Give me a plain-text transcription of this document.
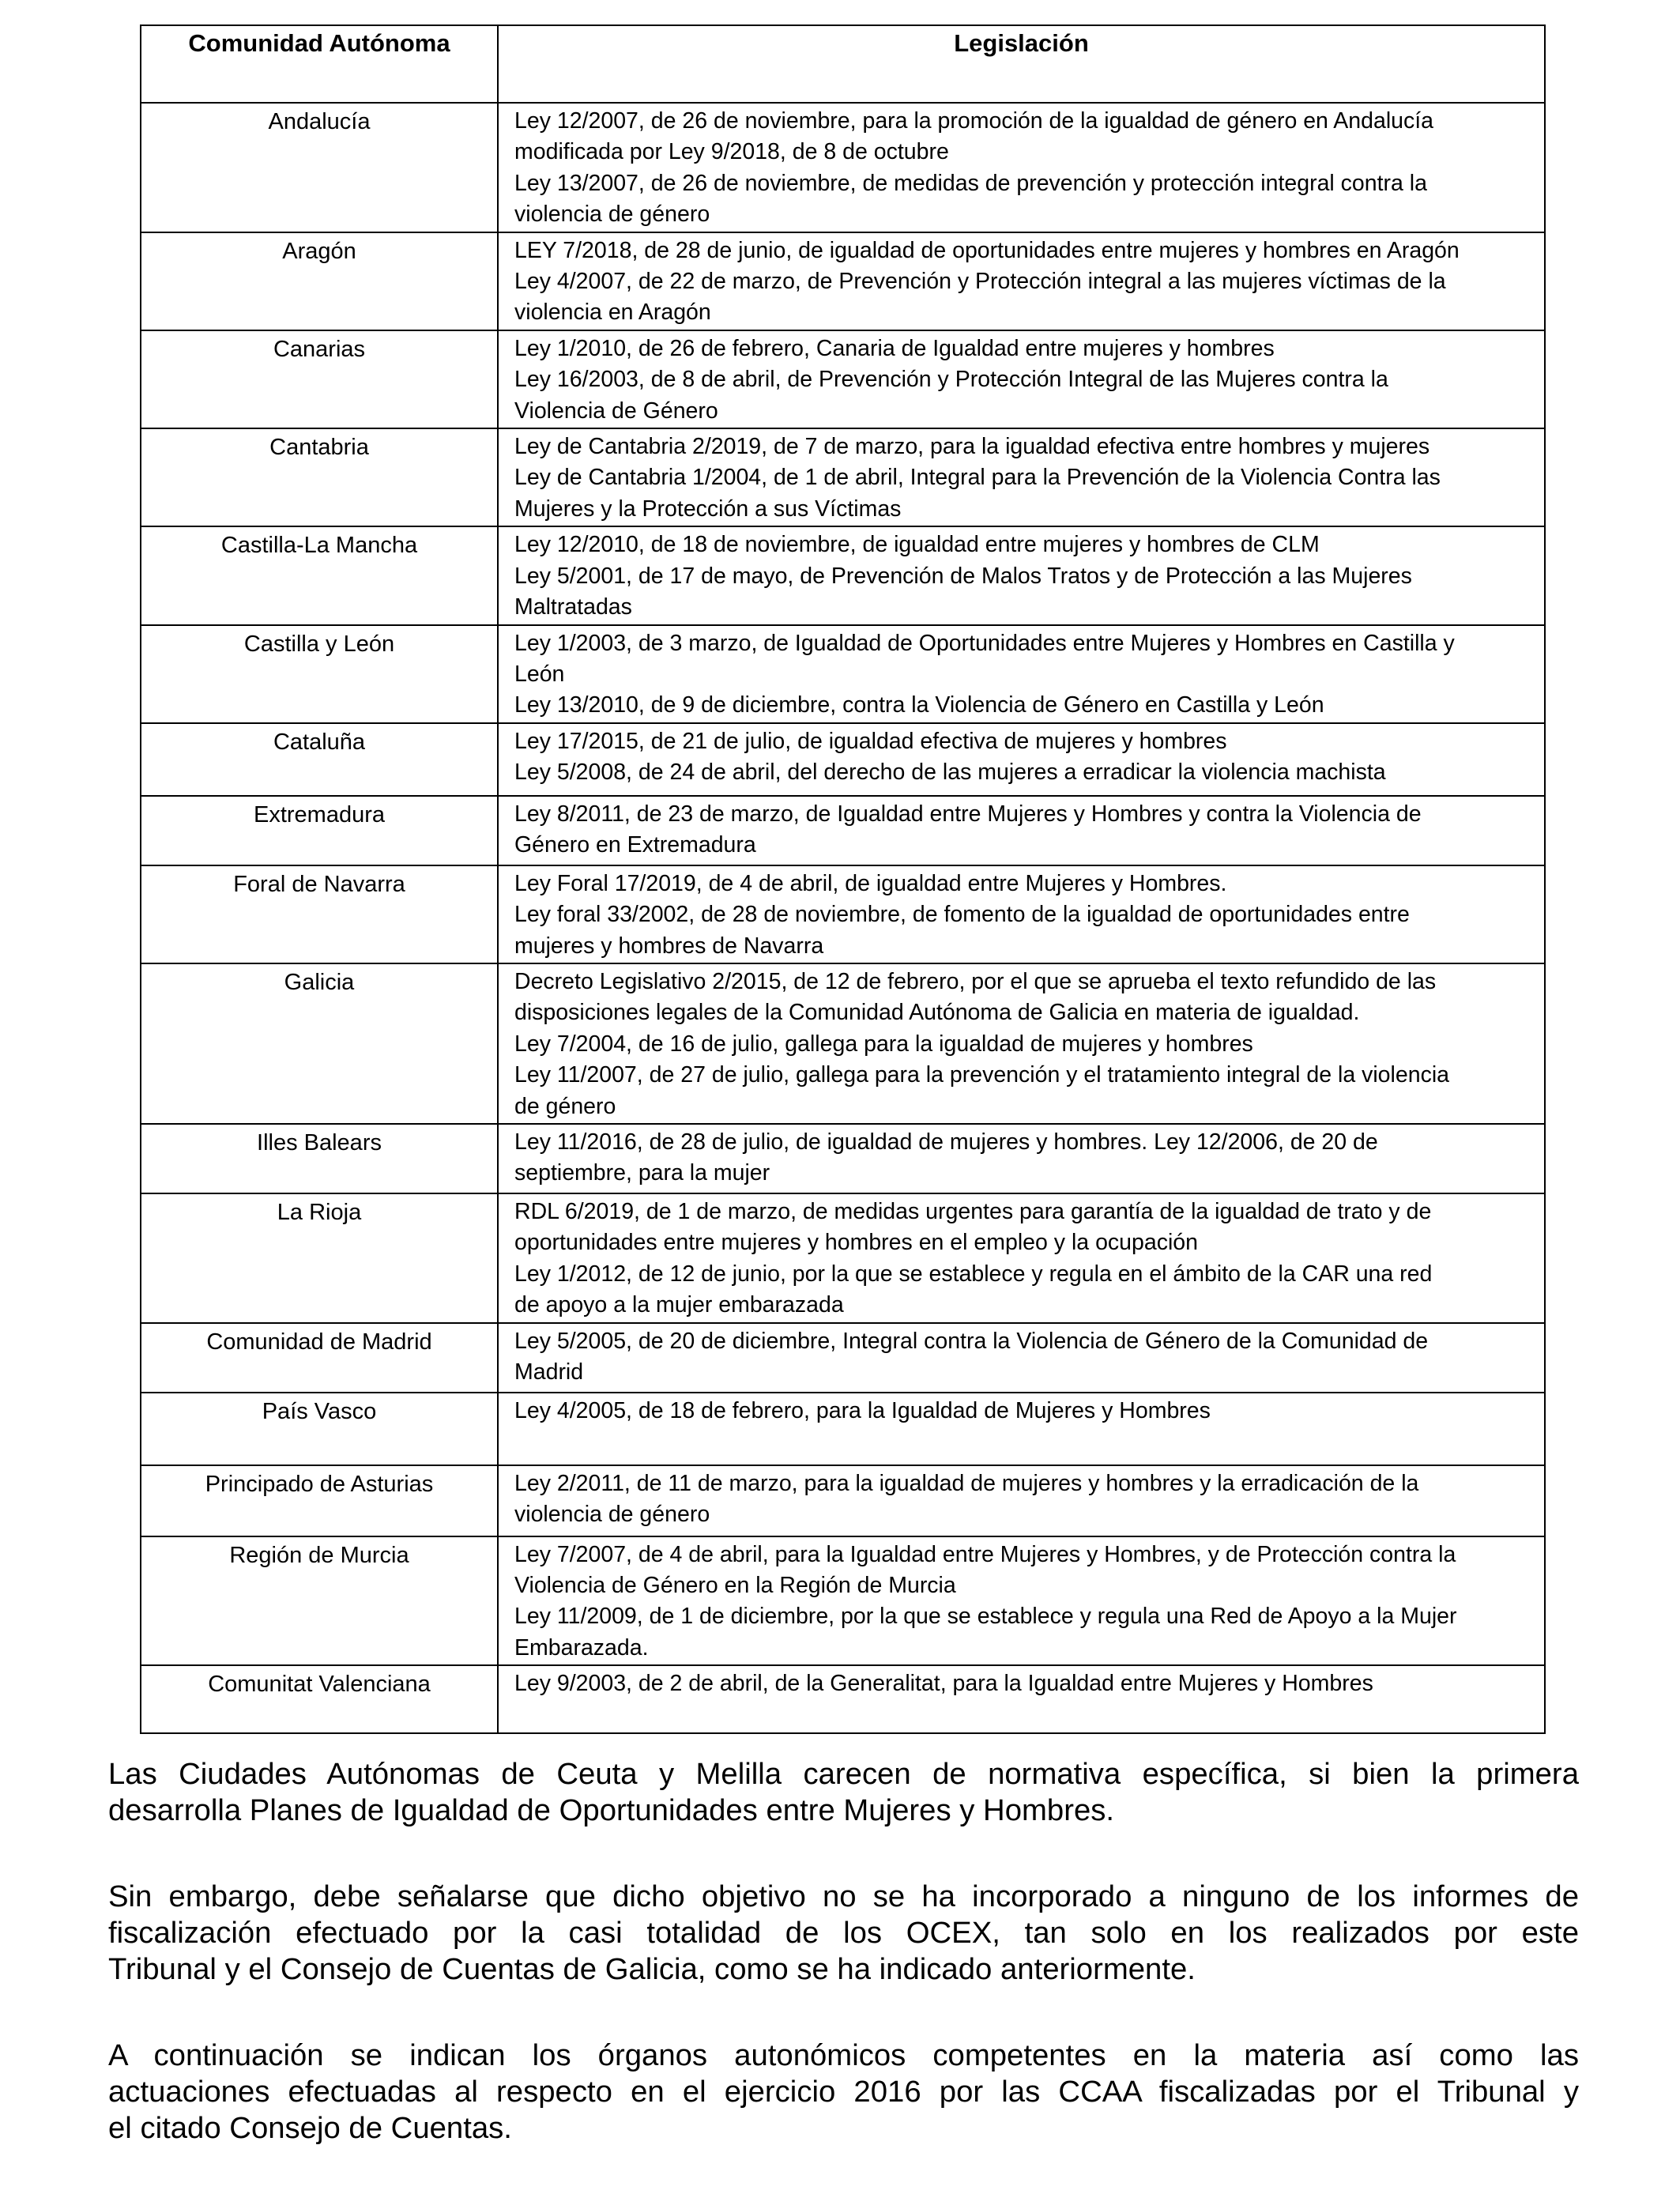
Comunidad Autónoma	Legislación
Andalucía	Ley 12/2007, de 26 de noviembre, para la promoción de la igualdad de género en Andalucía
modificada por Ley 9/2018, de 8 de octubre
Ley 13/2007, de 26 de noviembre, de medidas de prevención y protección integral contra la
violencia de género

Aragón	LEY 7/2018, de 28 de junio, de igualdad de oportunidades entre mujeres y hombres en Aragón
Ley 4/2007, de 22 de marzo, de Prevención y Protección integral a las mujeres víctimas de la
violencia en Aragón

Canarias	Ley 1/2010, de 26 de febrero, Canaria de Igualdad entre mujeres y hombres
Ley 16/2003, de 8 de abril, de Prevención y Protección Integral de las Mujeres contra la
Violencia de Género

Cantabria	Ley de Cantabria 2/2019, de 7 de marzo, para la igualdad efectiva entre hombres y mujeres
Ley de Cantabria 1/2004, de 1 de abril, Integral para la Prevención de la Violencia Contra las
Mujeres y la Protección a sus Víctimas

Castilla-La Mancha	Ley 12/2010, de 18 de noviembre, de igualdad entre mujeres y hombres de CLM
Ley 5/2001, de 17 de mayo, de Prevención de Malos Tratos y de Protección a las Mujeres
Maltratadas

Castilla y León	Ley 1/2003, de 3 marzo, de Igualdad de Oportunidades entre Mujeres y Hombres en Castilla y
León
Ley 13/2010, de 9 de diciembre, contra la Violencia de Género en Castilla y León

Cataluña	Ley 17/2015, de 21 de julio, de igualdad efectiva de mujeres y hombres
Ley 5/2008, de 24 de abril, del derecho de las mujeres a erradicar la violencia machista

Extremadura	Ley 8/2011, de 23 de marzo, de Igualdad entre Mujeres y Hombres y contra la Violencia de
Género en Extremadura

Foral de Navarra	Ley Foral 17/2019, de 4 de abril, de igualdad entre Mujeres y Hombres.
Ley foral 33/2002, de 28 de noviembre, de fomento de la igualdad de oportunidades entre
mujeres y hombres de Navarra

Galicia	Decreto Legislativo 2/2015, de 12 de febrero, por el que se aprueba el texto refundido de las
disposiciones legales de la Comunidad Autónoma de Galicia en materia de igualdad.
Ley 7/2004, de 16 de julio, gallega para la igualdad de mujeres y hombres
Ley 11/2007, de 27 de julio, gallega para la prevención y el tratamiento integral de la violencia
de género

Illes Balears	Ley 11/2016, de 28 de julio, de igualdad de mujeres y hombres. Ley 12/2006, de 20 de
septiembre, para la mujer

La Rioja	RDL 6/2019, de 1 de marzo, de medidas urgentes para garantía de la igualdad de trato y de
oportunidades entre mujeres y hombres en el empleo y la ocupación
Ley 1/2012, de 12 de junio, por la que se establece y regula en el ámbito de la CAR una red
de apoyo a la mujer embarazada

Comunidad de Madrid	Ley 5/2005, de 20 de diciembre, Integral contra la Violencia de Género de la Comunidad de
Madrid

País Vasco	Ley 4/2005, de 18 de febrero, para la Igualdad de Mujeres y Hombres

Principado de Asturias	Ley 2/2011, de 11 de marzo, para la igualdad de mujeres y hombres y la erradicación de la
violencia de género

Región de Murcia	Ley 7/2007, de 4 de abril, para la Igualdad entre Mujeres y Hombres, y de Protección contra la
Violencia de Género en la Región de Murcia
Ley 11/2009, de 1 de diciembre, por la que se establece y regula una Red de Apoyo a la Mujer
Embarazada.

Comunitat Valenciana	Ley 9/2003, de 2 de abril, de la Generalitat, para la Igualdad entre Mujeres y Hombres

Las Ciudades Autónomas de Ceuta y Melilla carecen de normativa específica, si bien la primera
desarrolla Planes de Igualdad de Oportunidades entre Mujeres y Hombres.

Sin embargo, debe señalarse que dicho objetivo no se ha incorporado a ninguno de los informes de
fiscalización efectuado por la casi totalidad de los OCEX, tan solo en los realizados por este
Tribunal y el Consejo de Cuentas de Galicia, como se ha indicado anteriormente.

A continuación se indican los órganos autonómicos competentes en la materia así como las
actuaciones efectuadas al respecto en el ejercicio 2016 por las CCAA fiscalizadas por el Tribunal y
el citado Consejo de Cuentas.
